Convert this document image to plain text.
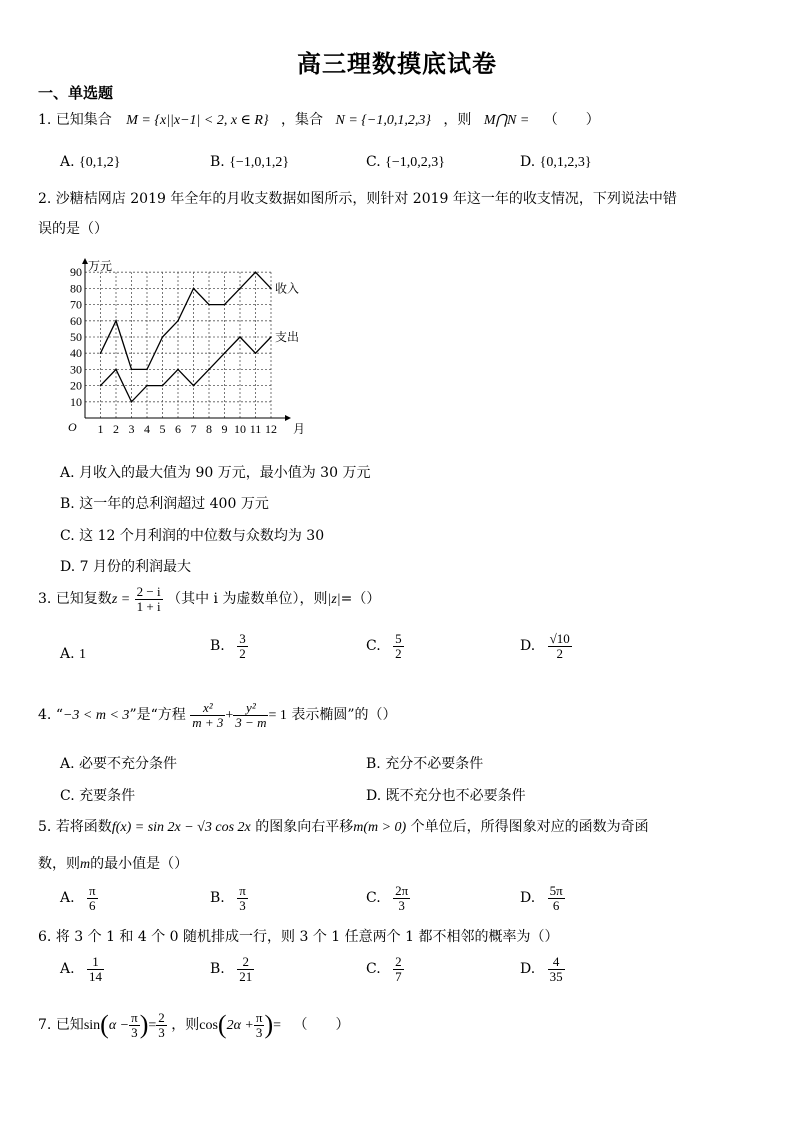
高三理数摸底试卷
一、单选题
1. 已知集合 M = {x||x−1| < 2, x ∈ R} ，集合 N = {−1,0,1,2,3} ，则 M⋂N = （　　）
A. {0,1,2}	B. {−1,0,1,2}	C. {−1,0,2,3}	D. {0,1,2,3}
2. 沙糖桔网店 2019 年全年的月收支数据如图所示，则针对 2019 年这一年的收支情况，下列说法中错
误的是（）
10
20
30
40
50
60
70
80
90
1 2 3 4 5 6 7 8 9 10 11 12
万元
月
O
收入
支出
A. 月收入的最大值为 90 万元，最小值为 30 万元
B. 这一年的总利润超过 400 万元
C. 这 12 个月利润的中位数与众数均为 30
D. 7 月份的利润最大
3. 已知复数$z = \frac{2 - i}{1 + i}$ （其中 i 为虚数单位），则|z|=（）
A. 1
B. $\frac{3}{2}$	C. $\frac{5}{2}$	D. $\frac{√10}{2}$
4. “−3 < m < 3”是“方程 $\frac{\text{x²}}{m + 3} + \frac{\text{y²}}{3 - m} = 1$ 表示椭圆”的（）
A. 必要不充分条件	B. 充分不必要条件
C. 充要条件	D. 既不充分也不必要条件
5. 若将函数f(x) = sin 2x − √3 cos 2x 的图象向右平移m(m > 0) 个单位后，所得图象对应的函数为奇函
数，则m的最小值是（）
A. $\frac{\pi}{6}$	B. $\frac{\pi}{3}$	C. $\frac{2\pi}{3}$	D. $\frac{5\pi}{6}$
6. 将 3 个 1 和 4 个 0 随机排成一行，则 3 个 1 任意两个 1 都不相邻的概率为（）
A. $\frac{1}{14}$	B. $\frac{2}{21}$	C. $\frac{2}{7}$	D. $\frac{4}{35}$
7. 已知$\sin(\alpha - \frac{\pi}{3}$ )= $\frac{2}{3}$ ，则$\cos(2\alpha + \frac{\pi}{3}$ )= （　　）
